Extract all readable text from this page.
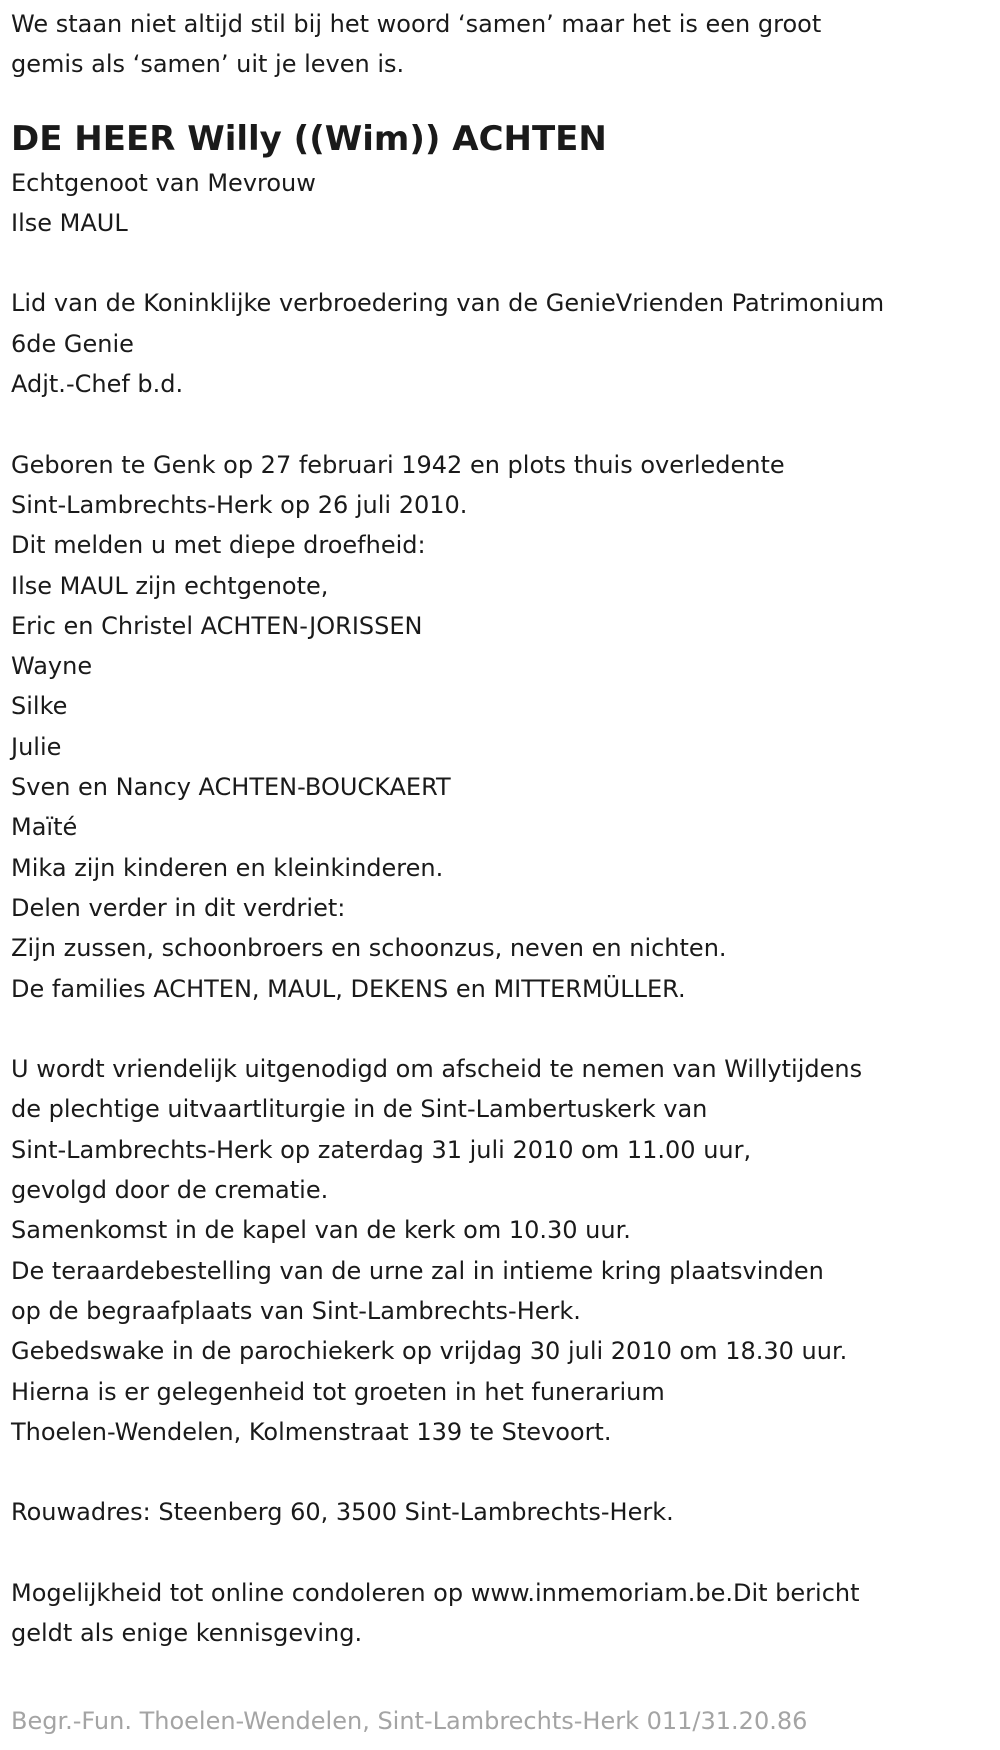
We staan niet altijd stil bij het woord ‘samen’ maar het is een groot

gemis als ‘samen’ uit je leven is.

DE HEER Willy ((Wim)) ACHTEN

Echtgenoot van Mevrouw

Ilse MAUL

Lid van de Koninklijke verbroedering van de GenieVrienden Patrimonium

6de Genie

Adjt.-Chef b.d.

Geboren te Genk op 27 februari 1942 en plots thuis overledente

Sint-Lambrechts-Herk op 26 juli 2010.

Dit melden u met diepe droefheid:

Ilse MAUL zijn echtgenote,

Eric en Christel ACHTEN-JORISSEN

Wayne

Silke

Julie

Sven en Nancy ACHTEN-BOUCKAERT

Maïté

Mika zijn kinderen en kleinkinderen.

Delen verder in dit verdriet:

Zijn zussen, schoonbroers en schoonzus, neven en nichten.

De families ACHTEN, MAUL, DEKENS en MITTERMÜLLER.

U wordt vriendelijk uitgenodigd om afscheid te nemen van Willytijdens

de plechtige uitvaartliturgie in de Sint-Lambertuskerk van

Sint-Lambrechts-Herk op zaterdag 31 juli 2010 om 11.00 uur,

gevolgd door de crematie.

Samenkomst in de kapel van de kerk om 10.30 uur.

De teraardebestelling van de urne zal in intieme kring plaatsvinden

op de begraafplaats van Sint-Lambrechts-Herk.

Gebedswake in de parochiekerk op vrijdag 30 juli 2010 om 18.30 uur.

Hierna is er gelegenheid tot groeten in het funerarium

Thoelen-Wendelen, Kolmenstraat 139 te Stevoort.

Rouwadres: Steenberg 60, 3500 Sint-Lambrechts-Herk.

Mogelijkheid tot online condoleren op www.inmemoriam.be.Dit bericht

geldt als enige kennisgeving.

Begr.-Fun. Thoelen-Wendelen, Sint-Lambrechts-Herk 011/31.20.86
